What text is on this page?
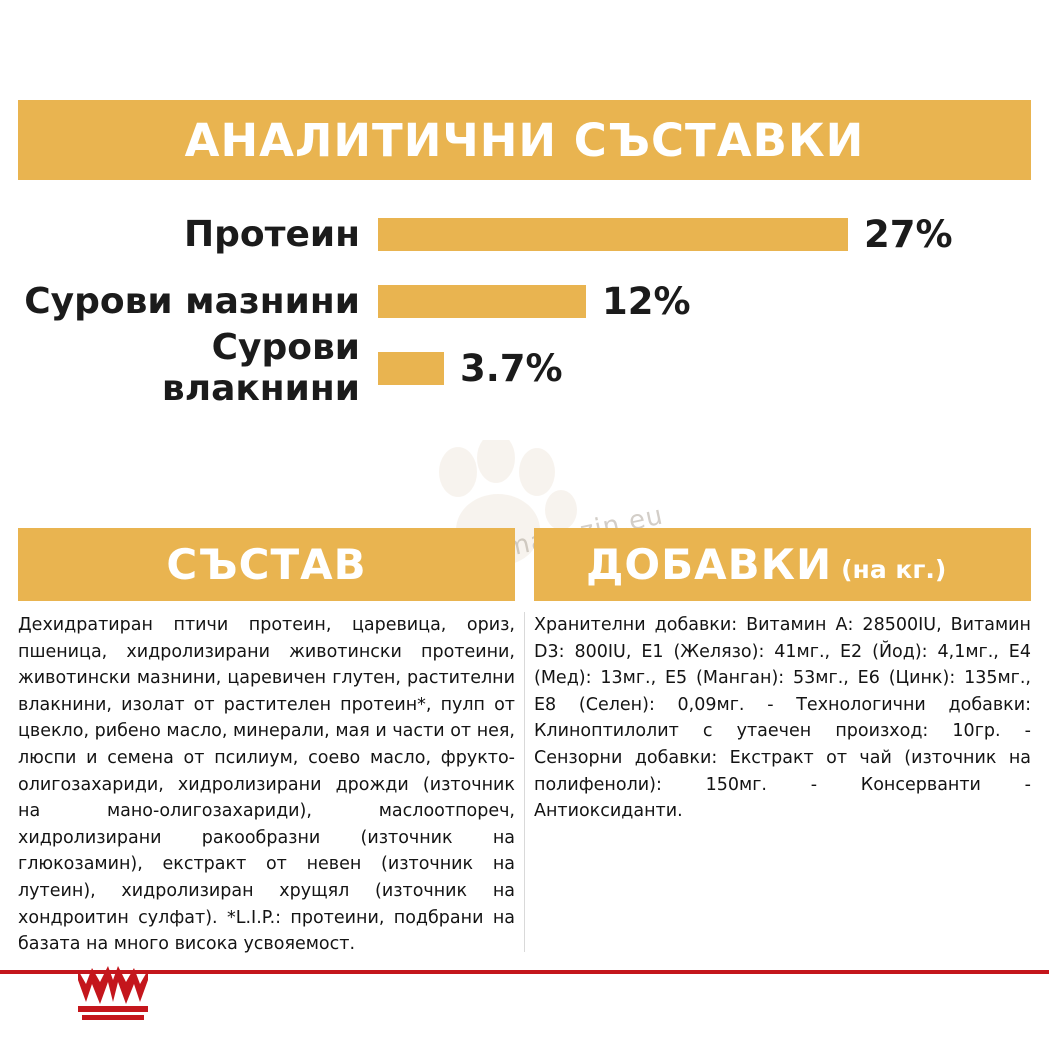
АНАЛИТИЧНИ СЪСТАВКИ
Протеин	27%
Сурови мазнини	12%
Сурови влакнини	3.7%
СЪСТАВ	ДОБАВКИ (на кг.)
Дехидратиран птичи протеин, царевица, ориз, пшеница, хидролизирани животински протеини, животински мазнини, царевичен глутен, растителни влакнини, изолат от растителен протеин*, пулп от цвекло, рибено масло, минерали, мая и части от нея, люспи и семена от псилиум, соево масло, фрукто-олигозахариди, хидролизирани дрожди (източник на мано-олигозахариди), маслоотпореч, хидролизирани ракообразни (източник на глюкозамин), екстракт от невен (източник на лутеин), хидролизиран хрущял (източник на хондроитин сулфат). *L.I.P.: протеини, подбрани на базата на много висока усвояемост.
Хранителни добавки: Витамин А: 28500IU, Витамин D3: 800IU, E1 (Желязо): 41мг., E2 (Йод): 4,1мг., E4 (Мед): 13мг., E5 (Манган): 53мг., E6 (Цинк): 135мг., E8 (Селен): 0,09мг. - Технологични добавки: Клиноптилолит с утаечен произход: 10гр. - Сензорни добавки: Екстракт от чай (източник на полифеноли): 150мг. - Консерванти - Антиоксиданти.
